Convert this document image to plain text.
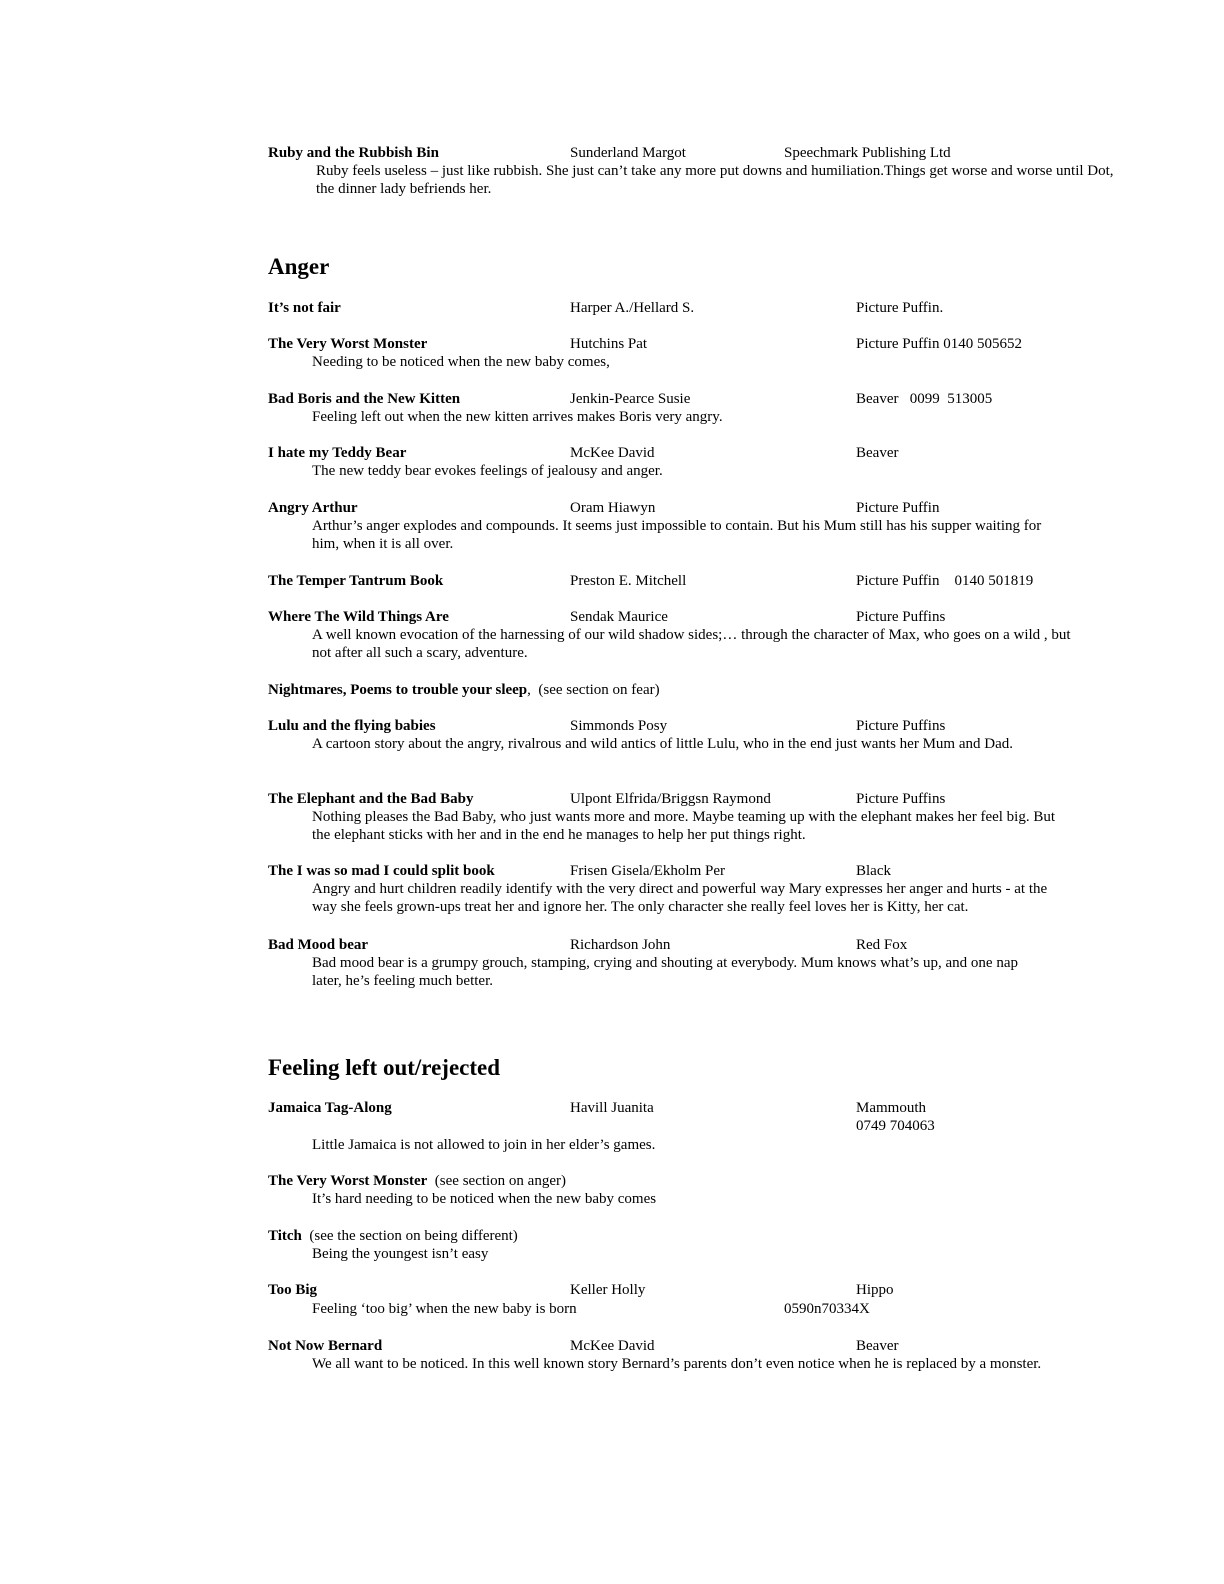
Ruby and the Rubbish Bin	Sunderland Margot	Speechmark Publishing Ltd
Ruby feels useless – just like rubbish. She just can’t take any more put downs and humiliation.Things get worse and worse until Dot, the dinner lady befriends her.
Anger
It’s not fair	Harper A./Hellard S.	Picture Puffin.
The Very Worst Monster	Hutchins Pat	Picture Puffin 0140 505652
Needing to be noticed when the new baby comes,
Bad Boris and the New Kitten	Jenkin-Pearce Susie	Beaver   0099  513005
Feeling left out when the new kitten arrives makes Boris very angry.
I hate my Teddy Bear	McKee David	Beaver
The new teddy bear evokes feelings of jealousy and anger.
Angry Arthur	Oram Hiawyn	Picture Puffin
Arthur’s anger explodes and compounds. It seems just impossible to contain. But his Mum still has his supper waiting for him, when it is all over.
The Temper Tantrum Book	Preston E. Mitchell	Picture Puffin    0140 501819
Where The Wild Things Are	Sendak Maurice	Picture Puffins
A well known evocation of the harnessing of our wild shadow sides;… through the character of Max, who goes on a wild , but not after all such a scary, adventure.
Nightmares, Poems to trouble your sleep,  (see section on fear)
Lulu and the flying babies	Simmonds Posy	Picture Puffins
A cartoon story about the angry, rivalrous and wild antics of little Lulu, who in the end just wants her Mum and Dad.
The Elephant and the Bad Baby	Ulpont Elfrida/Briggsn Raymond	Picture Puffins
Nothing pleases the Bad Baby, who just wants more and more. Maybe teaming up with the elephant makes her feel big. But the elephant sticks with her and in the end he manages to help her put things right.
The I was so mad I could split book	Frisen Gisela/Ekholm Per	Black
Angry and hurt children readily identify with the very direct and powerful way Mary expresses her anger and hurts - at the way she feels grown-ups treat her and ignore her. The only character she really feel loves her is Kitty, her cat.
Bad Mood bear	Richardson John	Red Fox
Bad mood bear is a grumpy grouch, stamping, crying and shouting at everybody. Mum knows what’s up, and one nap later, he’s feeling much better.
Feeling left out/rejected
Jamaica Tag-Along	Havill Juanita	Mammouth
0749 704063
Little Jamaica is not allowed to join in her elder’s games.
The Very Worst Monster  (see section on anger)
It’s hard needing to be noticed when the new baby comes
Titch  (see the section on being different)
Being the youngest isn’t easy
Too Big	Keller Holly	Hippo
Feeling ‘too big’ when the new baby is born	0590n70334X
Not Now Bernard	McKee David	Beaver
We all want to be noticed. In this well known story Bernard’s parents don’t even notice when he is replaced by a monster.
